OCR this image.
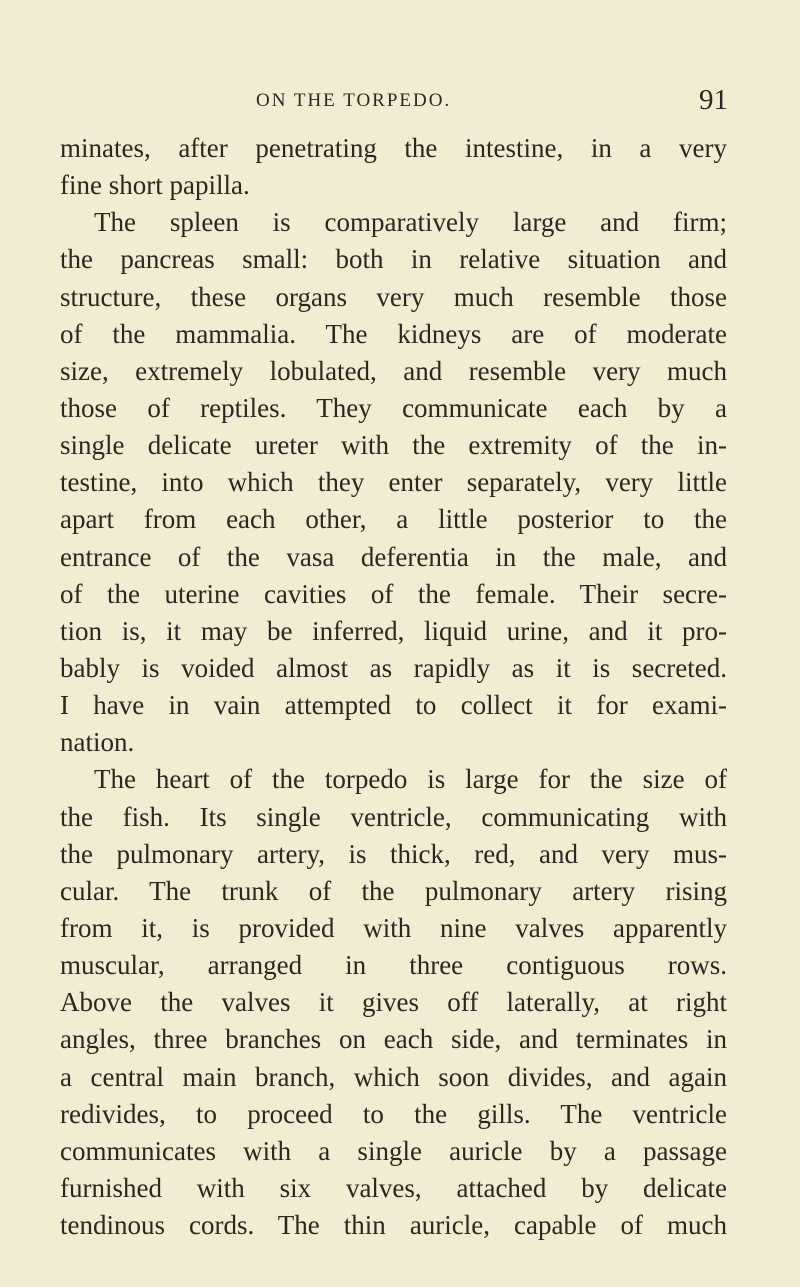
ON THE TORPEDO.	91
minates, after penetrating the intestine, in a very
fine short papilla.
The spleen is comparatively large and firm;
the pancreas small: both in relative situation and
structure, these organs very much resemble those
of the mammalia. The kidneys are of moderate
size, extremely lobulated, and resemble very much
those of reptiles. They communicate each by a
single delicate ureter with the extremity of the in-
testine, into which they enter separately, very little
apart from each other, a little posterior to the
entrance of the vasa deferentia in the male, and
of the uterine cavities of the female. Their secre-
tion is, it may be inferred, liquid urine, and it pro-
bably is voided almost as rapidly as it is secreted.
I have in vain attempted to collect it for exami-
nation.
The heart of the torpedo is large for the size of
the fish. Its single ventricle, communicating with
the pulmonary artery, is thick, red, and very mus-
cular. The trunk of the pulmonary artery rising
from it, is provided with nine valves apparently
muscular, arranged in three contiguous rows.
Above the valves it gives off laterally, at right
angles, three branches on each side, and terminates in
a central main branch, which soon divides, and again
redivides, to proceed to the gills. The ventricle
communicates with a single auricle by a passage
furnished with six valves, attached by delicate
tendinous cords. The thin auricle, capable of much
